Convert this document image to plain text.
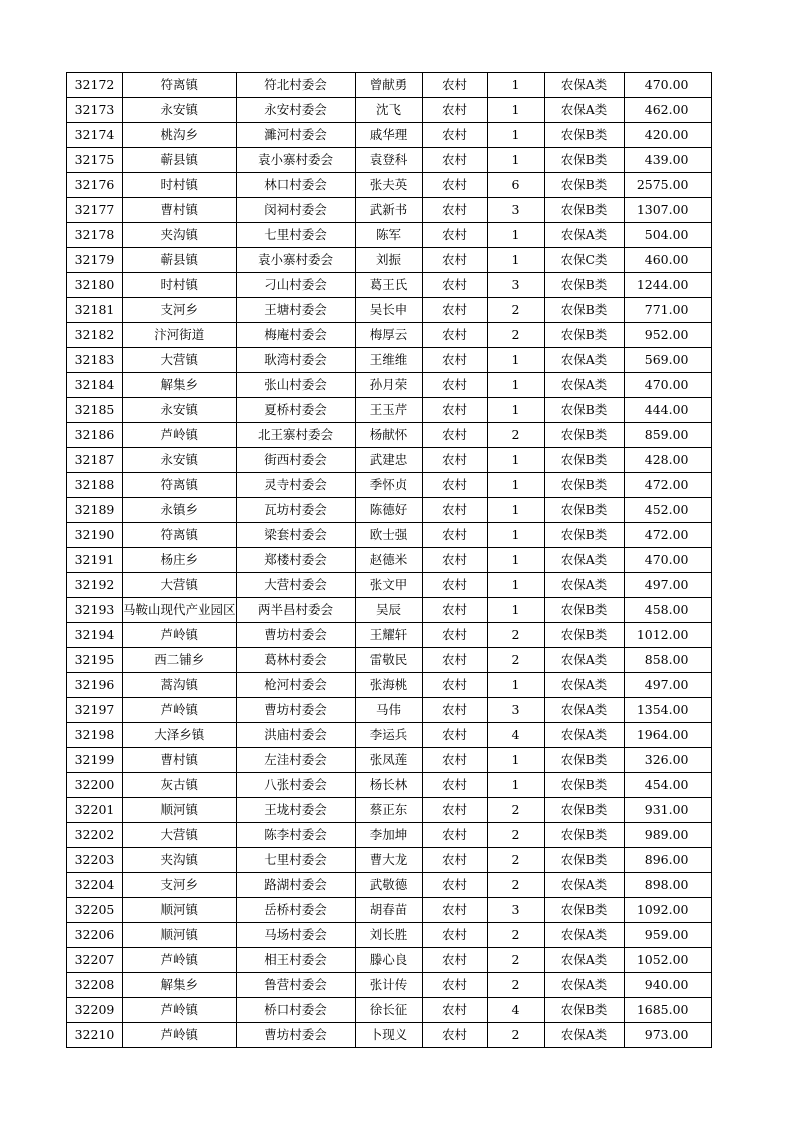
32172	符离镇	符北村委会	曾献勇	农村	1	农保A类	470.00
32173	永安镇	永安村委会	沈飞	农村	1	农保A类	462.00
32174	桃沟乡	濉河村委会	戚华理	农村	1	农保B类	420.00
32175	蕲县镇	袁小寨村委会	袁登科	农村	1	农保B类	439.00
32176	时村镇	林口村委会	张夫英	农村	6	农保B类	2575.00
32177	曹村镇	闵祠村委会	武新书	农村	3	农保B类	1307.00
32178	夹沟镇	七里村委会	陈军	农村	1	农保A类	504.00
32179	蕲县镇	袁小寨村委会	刘振	农村	1	农保C类	460.00
32180	时村镇	刁山村委会	葛王氏	农村	3	农保B类	1244.00
32181	支河乡	王塘村委会	吴长申	农村	2	农保B类	771.00
32182	汴河街道	梅庵村委会	梅厚云	农村	2	农保B类	952.00
32183	大营镇	耿湾村委会	王维维	农村	1	农保A类	569.00
32184	解集乡	张山村委会	孙月荣	农村	1	农保A类	470.00
32185	永安镇	夏桥村委会	王玉芹	农村	1	农保B类	444.00
32186	芦岭镇	北王寨村委会	杨献怀	农村	2	农保B类	859.00
32187	永安镇	街西村委会	武建忠	农村	1	农保B类	428.00
32188	符离镇	灵寺村委会	季怀贞	农村	1	农保B类	472.00
32189	永镇乡	瓦坊村委会	陈德好	农村	1	农保B类	452.00
32190	符离镇	梁套村委会	欧士强	农村	1	农保B类	472.00
32191	杨庄乡	郑楼村委会	赵德米	农村	1	农保A类	470.00
32192	大营镇	大营村委会	张文甲	农村	1	农保A类	497.00
32193	马鞍山现代产业园区	两半昌村委会	吴辰	农村	1	农保B类	458.00
32194	芦岭镇	曹坊村委会	王耀轩	农村	2	农保B类	1012.00
32195	西二铺乡	葛林村委会	雷敬民	农村	2	农保A类	858.00
32196	蒿沟镇	枪河村委会	张海桃	农村	1	农保A类	497.00
32197	芦岭镇	曹坊村委会	马伟	农村	3	农保A类	1354.00
32198	大泽乡镇	洪庙村委会	李运兵	农村	4	农保A类	1964.00
32199	曹村镇	左洼村委会	张凤莲	农村	1	农保B类	326.00
32200	灰古镇	八张村委会	杨长林	农村	1	农保B类	454.00
32201	顺河镇	王垅村委会	蔡正东	农村	2	农保B类	931.00
32202	大营镇	陈李村委会	李加坤	农村	2	农保B类	989.00
32203	夹沟镇	七里村委会	曹大龙	农村	2	农保B类	896.00
32204	支河乡	路湖村委会	武敬德	农村	2	农保A类	898.00
32205	顺河镇	岳桥村委会	胡春苗	农村	3	农保B类	1092.00
32206	顺河镇	马场村委会	刘长胜	农村	2	农保A类	959.00
32207	芦岭镇	相王村委会	滕心良	农村	2	农保A类	1052.00
32208	解集乡	鲁营村委会	张计传	农村	2	农保A类	940.00
32209	芦岭镇	桥口村委会	徐长征	农村	4	农保B类	1685.00
32210	芦岭镇	曹坊村委会	卜现义	农村	2	农保A类	973.00
